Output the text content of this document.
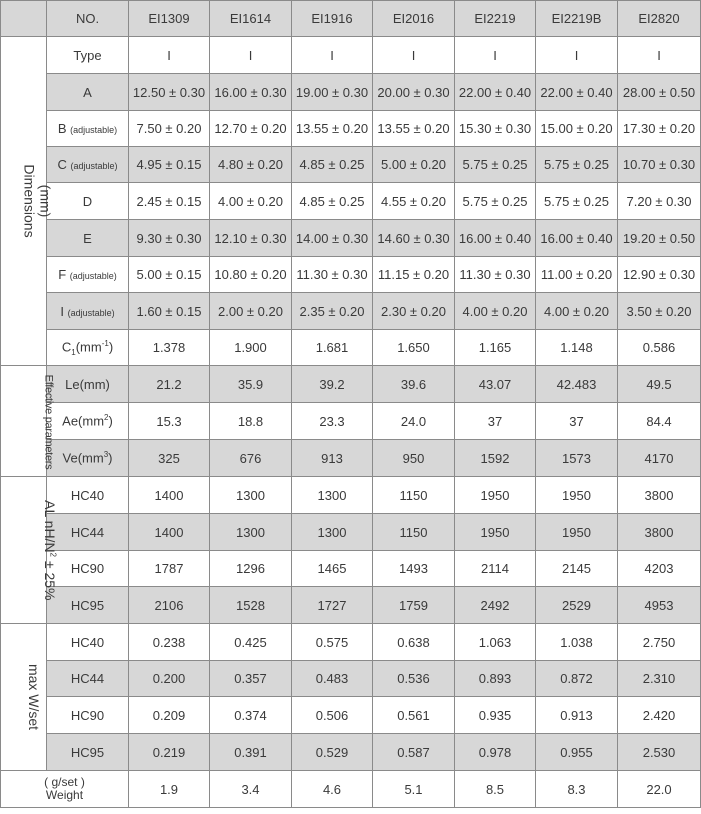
	NO.	EI1309	EI1614	EI1916	EI2016	EI2219	EI2219B	EI2820
(mm)
Dimensions	Type	I	I	I	I	I	I	I
	A	12.50 ± 0.30	16.00 ± 0.30	19.00 ± 0.30	20.00 ± 0.30	22.00 ± 0.40	22.00 ± 0.40	28.00 ± 0.50
	B (adjustable)	7.50 ± 0.20	12.70 ± 0.20	13.55 ± 0.20	13.55 ± 0.20	15.30 ± 0.30	15.00 ± 0.20	17.30 ± 0.20
	C (adjustable)	4.95 ± 0.15	4.80 ± 0.20	4.85 ± 0.25	5.00 ± 0.20	5.75 ± 0.25	5.75 ± 0.25	10.70 ± 0.30
	D	2.45 ± 0.15	4.00 ± 0.20	4.85 ± 0.25	4.55 ± 0.20	5.75 ± 0.25	5.75 ± 0.25	7.20 ± 0.30
	E	9.30 ± 0.30	12.10 ± 0.30	14.00 ± 0.30	14.60 ± 0.30	16.00 ± 0.40	16.00 ± 0.40	19.20 ± 0.50
	F (adjustable)	5.00 ± 0.15	10.80 ± 0.20	11.30 ± 0.30	11.15 ± 0.20	11.30 ± 0.30	11.00 ± 0.20	12.90 ± 0.30
	I (adjustable)	1.60 ± 0.15	2.00 ± 0.20	2.35 ± 0.20	2.30 ± 0.20	4.00 ± 0.20	4.00 ± 0.20	3.50 ± 0.20
	$C_1(mm^{-1})$	1.378	1.900	1.681	1.650	1.165	1.148	0.586
Effective parameters	Le(mm)	21.2	35.9	39.2	39.6	43.07	42.483	49.5
	$Ae(mm^2)$	15.3	18.8	23.3	24.0	37	37	84.4
	$Ve(mm^3)$	325	676	913	950	1592	1573	4170
AL $nH/N^2 \pm 25\%$	HC40	1400	1300	1300	1150	1950	1950	3800
	HC44	1400	1300	1300	1150	1950	1950	3800
	HC90	1787	1296	1465	1493	2114	2145	4203
	HC95	2106	1528	1727	1759	2492	2529	4953
max W/set	HC40	0.238	0.425	0.575	0.638	1.063	1.038	2.750
	HC44	0.200	0.357	0.483	0.536	0.893	0.872	2.310
	HC90	0.209	0.374	0.506	0.561	0.935	0.913	2.420
	HC95	0.219	0.391	0.529	0.587	0.978	0.955	2.530

( g/set )
Weight		1.9	3.4	4.6	5.1	8.5	8.3	22.0
